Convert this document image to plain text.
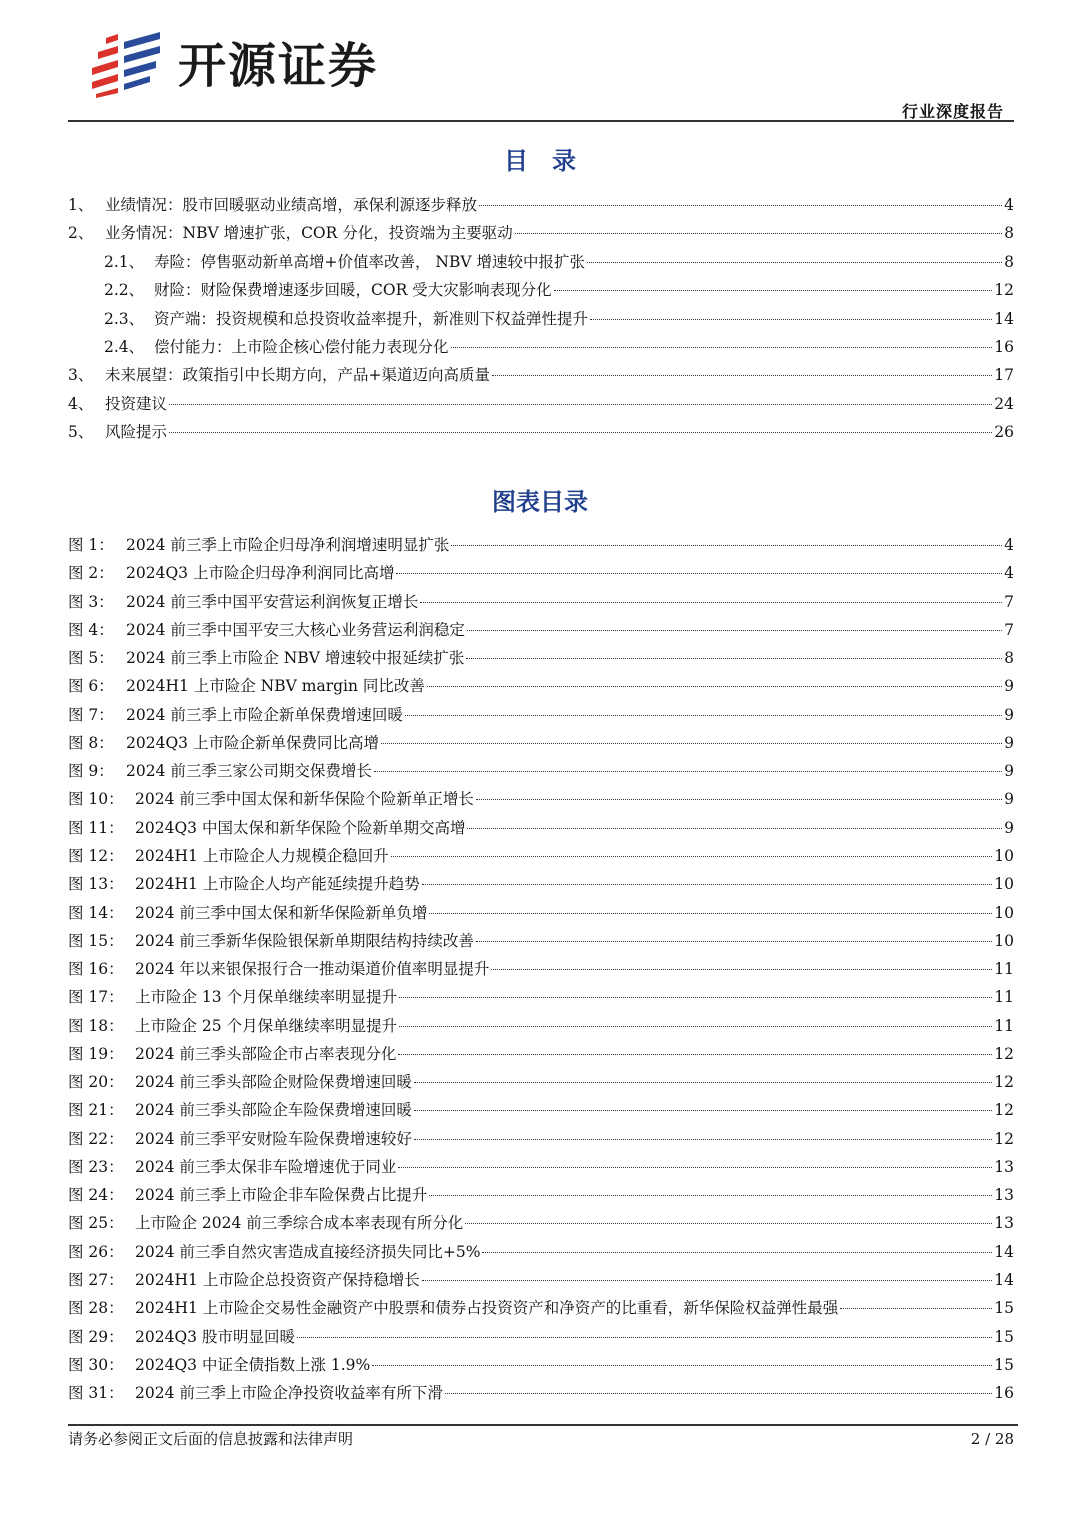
开源证券
行业深度报告
目　录
1、 业绩情况：股市回暖驱动业绩高增，承保利源逐步释放	4
2、 业务情况：NBV 增速扩张，COR 分化，投资端为主要驱动	8
2.1、 寿险：停售驱动新单高增+价值率改善， NBV 增速较中报扩张	8
2.2、 财险：财险保费增速逐步回暖，COR 受大灾影响表现分化	12
2.3、 资产端：投资规模和总投资收益率提升，新准则下权益弹性提升	14
2.4、 偿付能力：上市险企核心偿付能力表现分化	16
3、 未来展望：政策指引中长期方向，产品+渠道迈向高质量	17
4、 投资建议	24
5、 风险提示	26
图表目录
图 1： 2024 前三季上市险企归母净利润增速明显扩张	4
图 2： 2024Q3 上市险企归母净利润同比高增	4
图 3： 2024 前三季中国平安营运利润恢复正增长	7
图 4： 2024 前三季中国平安三大核心业务营运利润稳定	7
图 5： 2024 前三季上市险企 NBV 增速较中报延续扩张	8
图 6： 2024H1 上市险企 NBV margin 同比改善	9
图 7： 2024 前三季上市险企新单保费增速回暖	9
图 8： 2024Q3 上市险企新单保费同比高增	9
图 9： 2024 前三季三家公司期交保费增长	9
图 10： 2024 前三季中国太保和新华保险个险新单正增长	9
图 11： 2024Q3 中国太保和新华保险个险新单期交高增	9
图 12： 2024H1 上市险企人力规模企稳回升	10
图 13： 2024H1 上市险企人均产能延续提升趋势	10
图 14： 2024 前三季中国太保和新华保险新单负增	10
图 15： 2024 前三季新华保险银保新单期限结构持续改善	10
图 16： 2024 年以来银保报行合一推动渠道价值率明显提升	11
图 17： 上市险企 13 个月保单继续率明显提升	11
图 18： 上市险企 25 个月保单继续率明显提升	11
图 19： 2024 前三季头部险企市占率表现分化	12
图 20： 2024 前三季头部险企财险保费增速回暖	12
图 21： 2024 前三季头部险企车险保费增速回暖	12
图 22： 2024 前三季平安财险车险保费增速较好	12
图 23： 2024 前三季太保非车险增速优于同业	13
图 24： 2024 前三季上市险企非车险保费占比提升	13
图 25： 上市险企 2024 前三季综合成本率表现有所分化	13
图 26： 2024 前三季自然灾害造成直接经济损失同比+5%	14
图 27： 2024H1 上市险企总投资资产保持稳增长	14
图 28： 2024H1 上市险企交易性金融资产中股票和债券占投资资产和净资产的比重看，新华保险权益弹性最强	15
图 29： 2024Q3 股市明显回暖	15
图 30： 2024Q3 中证全债指数上涨 1.9%	15
图 31： 2024 前三季上市险企净投资收益率有所下滑	16
请务必参阅正文后面的信息披露和法律声明	2 / 28
